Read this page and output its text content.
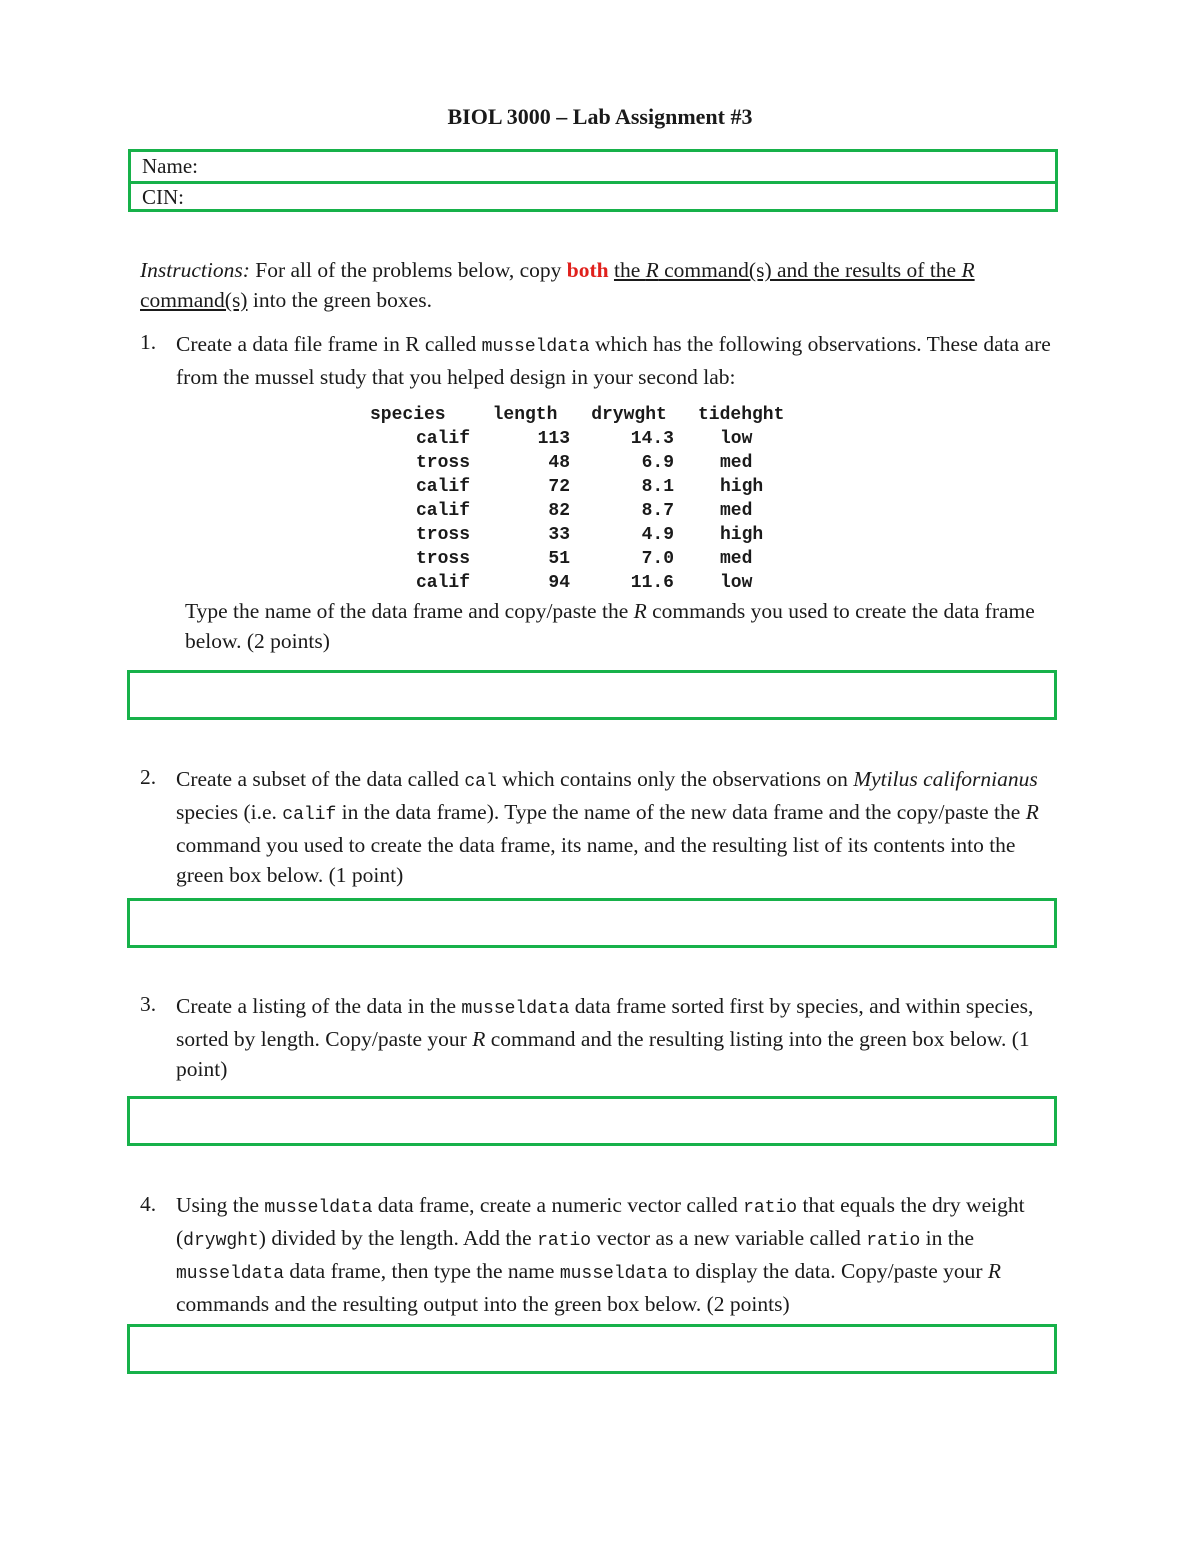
BIOL 3000 – Lab Assignment #3
Name:
CIN:
Instructions: For all of the problems below, copy both the R command(s) and the results of the R command(s) into the green boxes.
1. Create a data file frame in R called musseldata which has the following observations. These data are from the mussel study that you helped design in your second lab:
species	length	drywght	tidehght
calif	113	14.3	low
tross	48	6.9	med
calif	72	8.1	high
calif	82	8.7	med
tross	33	4.9	high
tross	51	7.0	med
calif	94	11.6	low
Type the name of the data frame and copy/paste the R commands you used to create the data frame below. (2 points)
2. Create a subset of the data called cal which contains only the observations on Mytilus californianus species (i.e. calif in the data frame). Type the name of the new data frame and the copy/paste the R command you used to create the data frame, its name, and the resulting list of its contents into the green box below. (1 point)
3. Create a listing of the data in the musseldata data frame sorted first by species, and within species, sorted by length. Copy/paste your R command and the resulting listing into the green box below. (1 point)
4. Using the musseldata data frame, create a numeric vector called ratio that equals the dry weight (drywght) divided by the length. Add the ratio vector as a new variable called ratio in the musseldata data frame, then type the name musseldata to display the data. Copy/paste your R commands and the resulting output into the green box below. (2 points)
